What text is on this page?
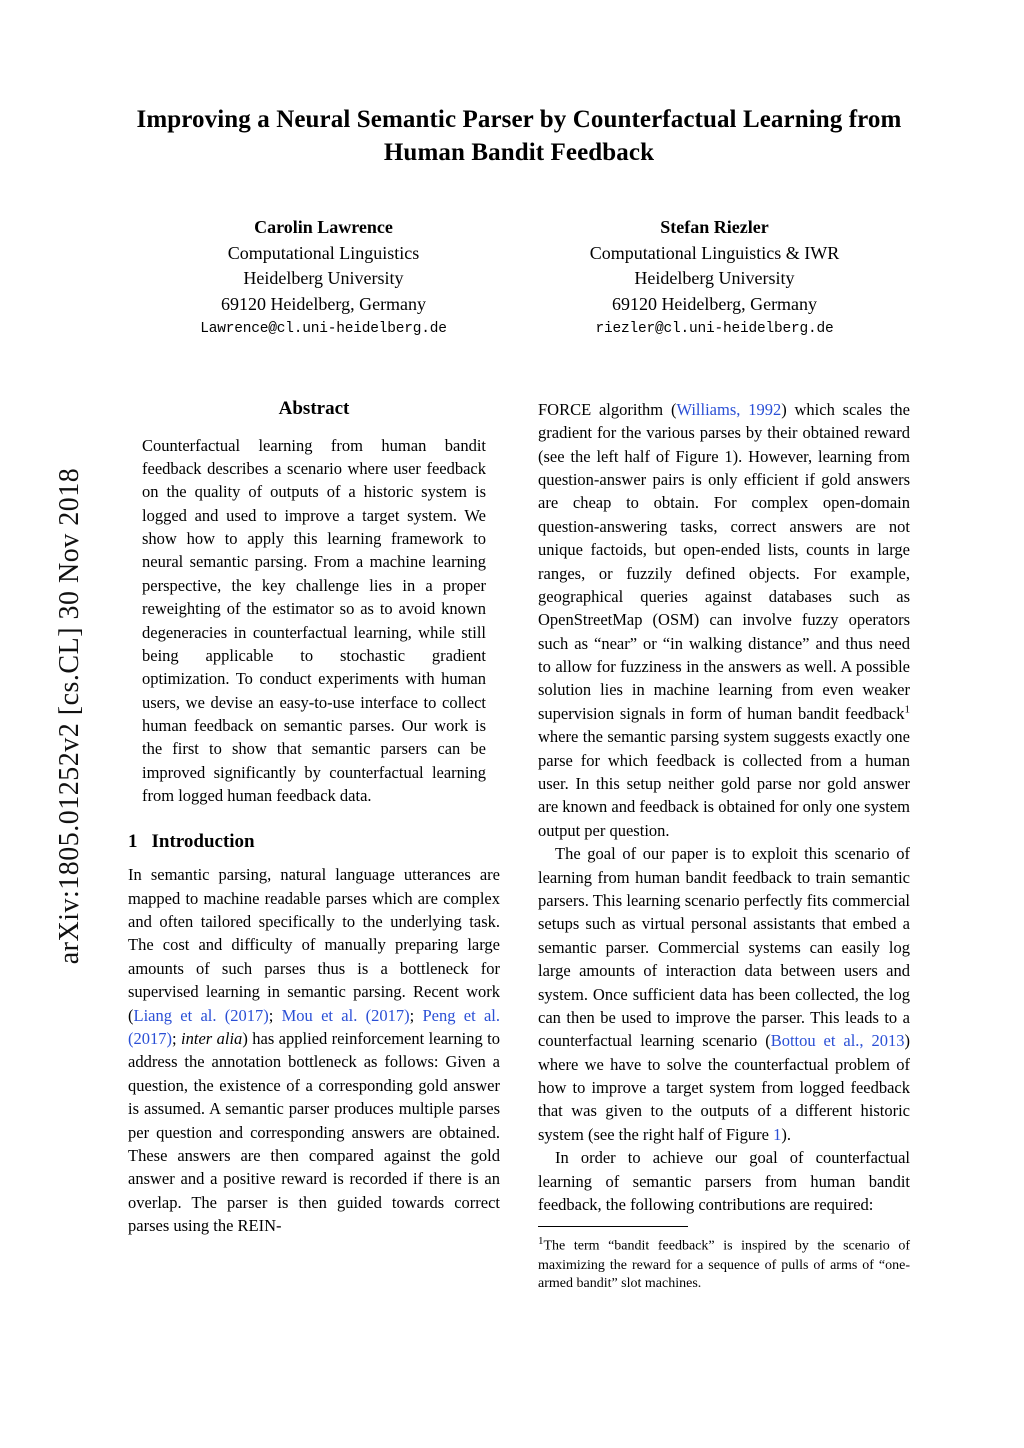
arXiv:1805.01252v2 [cs.CL] 30 Nov 2018
Improving a Neural Semantic Parser by Counterfactual Learning from Human Bandit Feedback
Carolin Lawrence
Computational Linguistics
Heidelberg University
69120 Heidelberg, Germany
Lawrence@cl.uni-heidelberg.de
Stefan Riezler
Computational Linguistics & IWR
Heidelberg University
69120 Heidelberg, Germany
riezler@cl.uni-heidelberg.de
Abstract
Counterfactual learning from human bandit feedback describes a scenario where user feedback on the quality of outputs of a historic system is logged and used to improve a target system. We show how to apply this learning framework to neural semantic parsing. From a machine learning perspective, the key challenge lies in a proper reweighting of the estimator so as to avoid known degeneracies in counterfactual learning, while still being applicable to stochastic gradient optimization. To conduct experiments with human users, we devise an easy-to-use interface to collect human feedback on semantic parses. Our work is the first to show that semantic parsers can be improved significantly by counterfactual learning from logged human feedback data.
1 Introduction

In semantic parsing, natural language utterances are mapped to machine readable parses which are complex and often tailored specifically to the underlying task. The cost and difficulty of manually preparing large amounts of such parses thus is a bottleneck for supervised learning in semantic parsing. Recent work (Liang et al. (2017); Mou et al. (2017); Peng et al. (2017); inter alia) has applied reinforcement learning to address the annotation bottleneck as follows: Given a question, the existence of a corresponding gold answer is assumed. A semantic parser produces multiple parses per question and corresponding answers are obtained. These answers are then compared against the gold answer and a positive reward is recorded if there is an overlap. The parser is then guided towards correct parses using the REIN-

FORCE algorithm (Williams, 1992) which scales the gradient for the various parses by their obtained reward (see the left half of Figure 1). However, learning from question-answer pairs is only efficient if gold answers are cheap to obtain. For complex open-domain question-answering tasks, correct answers are not unique factoids, but open-ended lists, counts in large ranges, or fuzzily defined objects. For example, geographical queries against databases such as OpenStreetMap (OSM) can involve fuzzy operators such as “near” or “in walking distance” and thus need to allow for fuzziness in the answers as well. A possible solution lies in machine learning from even weaker supervision signals in form of human bandit feedback$^1$ where the semantic parsing system suggests exactly one parse for which feedback is collected from a human user. In this setup neither gold parse nor gold answer are known and feedback is obtained for only one system output per question.

The goal of our paper is to exploit this scenario of learning from human bandit feedback to train semantic parsers. This learning scenario perfectly fits commercial setups such as virtual personal assistants that embed a semantic parser. Commercial systems can easily log large amounts of interaction data between users and system. Once sufficient data has been collected, the log can then be used to improve the parser. This leads to a counterfactual learning scenario (Bottou et al., 2013) where we have to solve the counterfactual problem of how to improve a target system from logged feedback that was given to the outputs of a different historic system (see the right half of Figure 1).

In order to achieve our goal of counterfactual learning of semantic parsers from human bandit feedback, the following contributions are required:

$^1$The term “bandit feedback” is inspired by the scenario of maximizing the reward for a sequence of pulls of arms of “one-armed bandit” slot machines.
